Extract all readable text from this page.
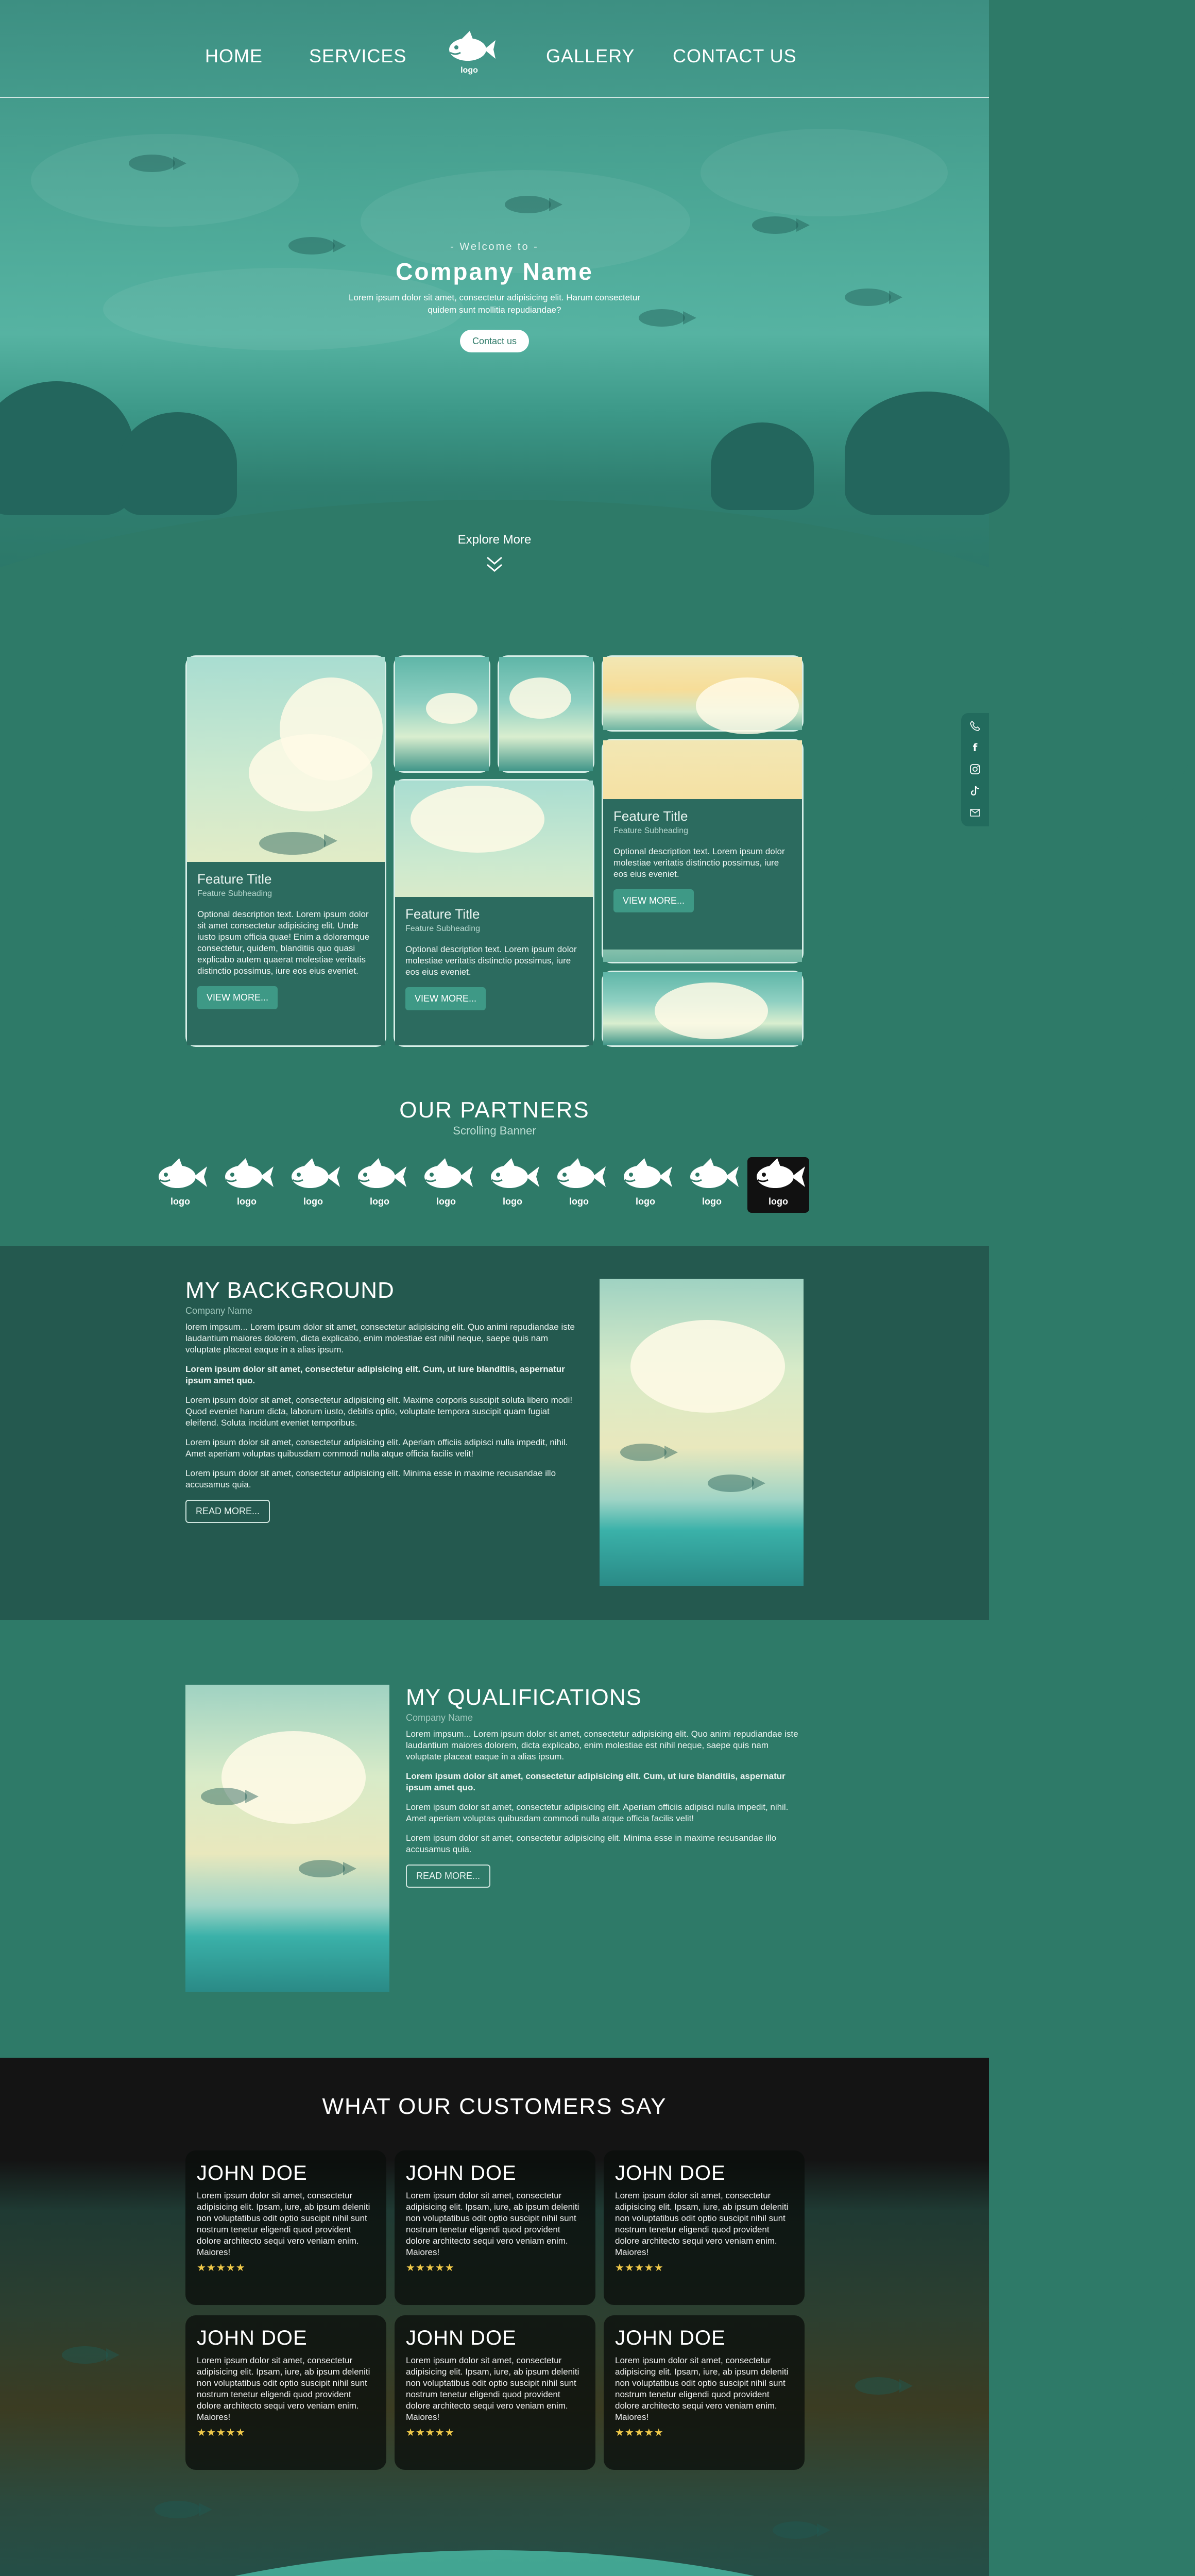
HOME	SERVICES
logo
GALLERY CONTACT US
- Welcome to -
Company Name
Lorem ipsum dolor sit amet, consectetur adipisicing elit. Harum consectetur quidem sunt mollitia repudiandae?
Contact us
Explore More
f
Feature Title
Feature Subheading
Optional description text. Lorem ipsum dolor sit amet consectetur adipisicing elit. Unde iusto ipsum officia quae! Enim a doloremque consectetur, quidem, blanditiis quo quasi explicabo autem quaerat molestiae veritatis distinctio possimus, iure eos eius eveniet.
VIEW MORE...
Feature Title
Feature Subheading
Optional description text. Lorem ipsum dolor molestiae veritatis distinctio possimus, iure eos eius eveniet.
VIEW MORE...
Feature Title
Feature Subheading
Optional description text. Lorem ipsum dolor molestiae veritatis distinctio possimus, iure eos eius eveniet.
VIEW MORE...
OUR PARTNERS
Scrolling Banner
logo	logo	logo	logo	logo	logo	logo	logo	logo	logo
MY BACKGROUND
Company Name
lorem impsum... Lorem ipsum dolor sit amet, consectetur adipisicing elit. Quo animi repudiandae iste laudantium maiores dolorem, dicta explicabo, enim molestiae est nihil neque, saepe quis nam voluptate placeat eaque in a alias ipsum.
Lorem ipsum dolor sit amet, consectetur adipisicing elit. Cum, ut iure blanditiis, aspernatur ipsum amet quo.
Lorem ipsum dolor sit amet, consectetur adipisicing elit. Maxime corporis suscipit soluta libero modi! Quod eveniet harum dicta, laborum iusto, debitis optio, voluptate tempora suscipit quam fugiat eleifend. Soluta incidunt eveniet temporibus.
Lorem ipsum dolor sit amet, consectetur adipisicing elit. Aperiam officiis adipisci nulla impedit, nihil. Amet aperiam voluptas quibusdam commodi nulla atque officia facilis velit!
Lorem ipsum dolor sit amet, consectetur adipisicing elit. Minima esse in maxime recusandae illo accusamus quia.
READ MORE...
MY QUALIFICATIONS
Company Name
Lorem impsum... Lorem ipsum dolor sit amet, consectetur adipisicing elit. Quo animi repudiandae iste laudantium maiores dolorem, dicta explicabo, enim molestiae est nihil neque, saepe quis nam voluptate placeat eaque in a alias ipsum.
Lorem ipsum dolor sit amet, consectetur adipisicing elit. Cum, ut iure blanditiis, aspernatur ipsum amet quo.
Lorem ipsum dolor sit amet, consectetur adipisicing elit. Aperiam officiis adipisci nulla impedit, nihil. Amet aperiam voluptas quibusdam commodi nulla atque officia facilis velit!
Lorem ipsum dolor sit amet, consectetur adipisicing elit. Minima esse in maxime recusandae illo accusamus quia.
READ MORE...
WHAT OUR CUSTOMERS SAY
JOHN DOE
Lorem ipsum dolor sit amet, consectetur adipisicing elit. Ipsam, iure, ab ipsum deleniti non voluptatibus odit optio suscipit nihil sunt nostrum tenetur eligendi quod provident dolore architecto sequi vero veniam enim. Maiores!
★★★★★
JOHN DOE
Lorem ipsum dolor sit amet, consectetur adipisicing elit. Ipsam, iure, ab ipsum deleniti non voluptatibus odit optio suscipit nihil sunt nostrum tenetur eligendi quod provident dolore architecto sequi vero veniam enim. Maiores!
★★★★★
JOHN DOE
Lorem ipsum dolor sit amet, consectetur adipisicing elit. Ipsam, iure, ab ipsum deleniti non voluptatibus odit optio suscipit nihil sunt nostrum tenetur eligendi quod provident dolore architecto sequi vero veniam enim. Maiores!
★★★★★
JOHN DOE
Lorem ipsum dolor sit amet, consectetur adipisicing elit. Ipsam, iure, ab ipsum deleniti non voluptatibus odit optio suscipit nihil sunt nostrum tenetur eligendi quod provident dolore architecto sequi vero veniam enim. Maiores!
★★★★★
JOHN DOE
Lorem ipsum dolor sit amet, consectetur adipisicing elit. Ipsam, iure, ab ipsum deleniti non voluptatibus odit optio suscipit nihil sunt nostrum tenetur eligendi quod provident dolore architecto sequi vero veniam enim. Maiores!
★★★★★
JOHN DOE
Lorem ipsum dolor sit amet, consectetur adipisicing elit. Ipsam, iure, ab ipsum deleniti non voluptatibus odit optio suscipit nihil sunt nostrum tenetur eligendi quod provident dolore architecto sequi vero veniam enim. Maiores!
★★★★★
